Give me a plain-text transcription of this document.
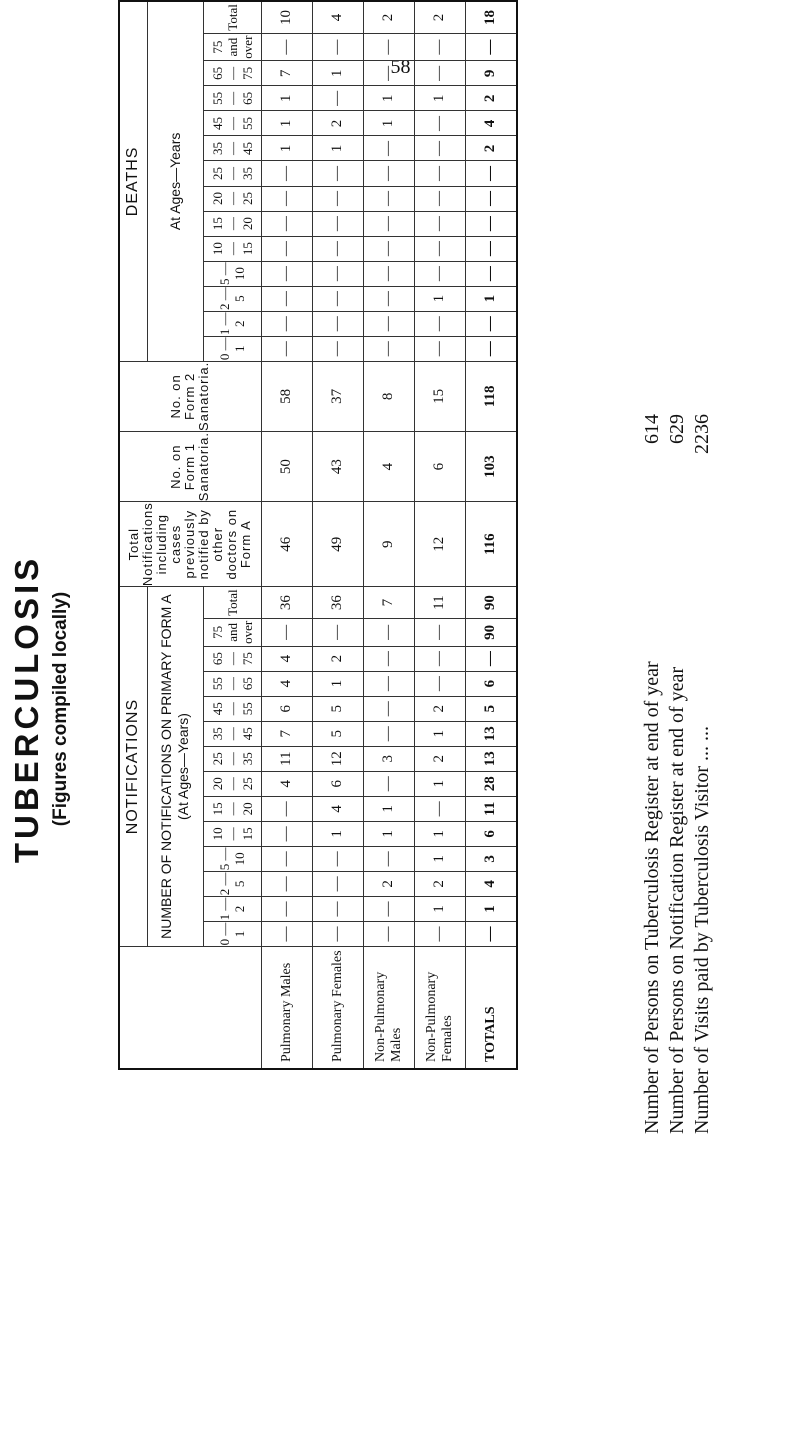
58
TUBERCULOSIS (Figures compiled locally)
		NOTIFICATIONS														Total Notifications including cases previously notified by other doctors on Form A	No. on Form 1 Sanatoria.	No. on Form 2 Sanatoria.	DEATHS													
	NUMBER OF NOTIFICATIONS ON PRIMARY FORM A (At Ages—Years)																	At Ages—Years													
	0 — 1	1 — 2	2 — 5	5 — 10	10 — 15	15 — 20	20 — 25	25 — 35	35 — 45	45 — 55	55 — 65	65 — 75	75 and over	Total				0 — 1	1 — 2	2 — 5	5 — 10	10 — 15	15 — 20	20 — 25	25 — 35	35 — 45	45 — 55	55 — 65	65 — 75	75 and over	Total
Pulmonary Males	—	—	—	—	—	—	4	11	7	6	4	4	—	36	46	50	58	—	—	—	—	—	—	—	—	1	1	1	7	—	10
Pulmonary Females	—	—	—	—	1	4	6	12	5	5	1	2	—	36	49	43	37	—	—	—	—	—	—	—	—	1	2	—	1	—	4
Non-Pulmonary Males	—	—	2	—	1	1	—	3	—	—	—	—	—	7	9	4	8	—	—	—	—	—	—	—	—	—	1	1	—	—	2
Non-Pulmonary Females	—	1	2	1	1	—	1	2	1	2	—	—	—	11	12	6	15	—	—	1	—	—	—	—	—	—	—	1	—	—	2
TOTALS	—	1	4	3	6	11	28	13	13	5	6	—	90	90	116	103	118	—	—	1	—	—	—	—	—	2	4	2	9	—	18
Number of Persons on Tuberculosis Register at end of year
614
Number of Persons on Notification Register at end of year
629
Number of Visits paid by Tuberculosis Visitor ... ...
2236
